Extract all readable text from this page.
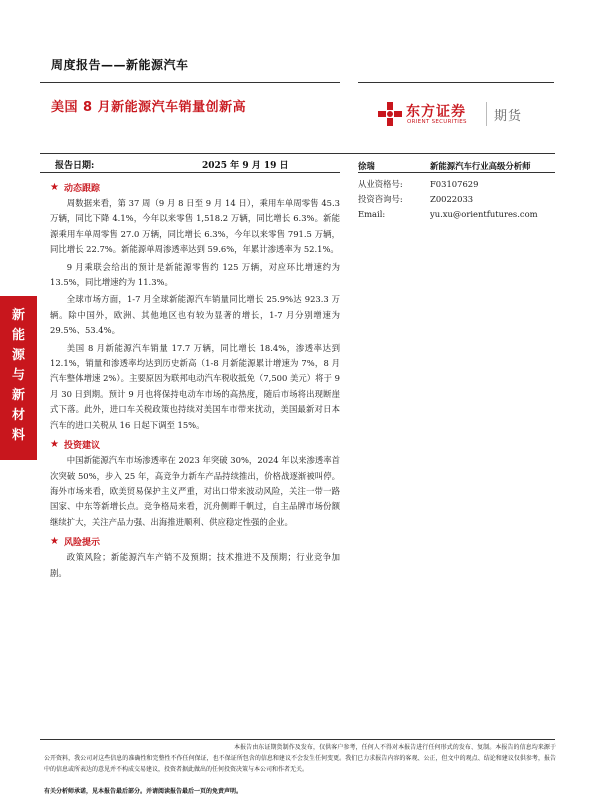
周度报告——新能源汽车
美国 8 月新能源汽车销量创新高	东方证券
ORIENT SECURITIES 期货
报告日期:	2025 年 9 月 19 日	徐瑞	新能源汽车行业高级分析师
从业资格号:	F03107629
投资咨询号:	Z0022033
Email:	yu.xu@orientfutures.com
新
能
源
与
新
材
料
★ 动态跟踪

周数据来看，第 37 周（9 月 8 日至 9 月 14 日），乘用车单周零售 45.3 万辆，同比下降 4.1%，今年以来零售 1,518.2 万辆，同比增长 6.3%。新能源乘用车单周零售 27.0 万辆，同比增长 6.3%，今年以来零售 791.5 万辆，同比增长 22.7%。新能源单周渗透率达到 59.6%，年累计渗透率为 52.1%。

9 月乘联会给出的预计是新能源零售约 125 万辆，对应环比增速约为 13.5%，同比增速约为 11.3%。

全球市场方面，1-7 月全球新能源汽车销量同比增长 25.9%达 923.3 万辆。除中国外，欧洲、其他地区也有较为显著的增长，1-7 月分别增速为 29.5%、53.4%。

美国 8 月新能源汽车销量 17.7 万辆，同比增长 18.4%，渗透率达到 12.1%，销量和渗透率均达到历史新高（1-8 月新能源累计增速为 7%，8 月汽车整体增速 2%）。主要原因为联邦电动汽车税收抵免（7,500 美元）将于 9 月 30 日到期。预计 9 月也将保持电动车市场的高热度，随后市场将出现断崖式下落。此外，进口车关税政策也持续对美国车市带来扰动，美国最新对日本汽车的进口关税从 16 日起下调至 15%。

★ 投资建议

中国新能源汽车市场渗透率在 2023 年突破 30%，2024 年以来渗透率首次突破 50%，步入 25 年，高竞争力新车产品持续推出，价格战逐渐被叫停。海外市场来看，欧美贸易保护主义严重，对出口带来波动风险，关注一带一路国家、中东等新增长点。竞争格局来看，沉舟侧畔千帆过，自主品牌市场份额继续扩大，关注产品力强、出海推进顺利、供应稳定性强的企业。

★ 风险提示

政策风险；新能源汽车产销不及预期；技术推进不及预期；行业竞争加剧。

本报告由东证期货制作及发布，仅供客户参考，任何人不得对本报告进行任何形式的发布、复制。本报告的信息均来源于公开资料，我公司对这些信息的准确性和完整性不作任何保证，也不保证所包含的信息和建议不会发生任何变更。我们已力求报告内容的客观、公正，但文中的观点、结论和建议仅供参考，报告中的信息或所表达的意见并不构成交易建议，投资者据此做出的任何投资决策与本公司和作者无关。

有关分析师承诺，见本报告最后部分。并请阅读报告最后一页的免责声明。
